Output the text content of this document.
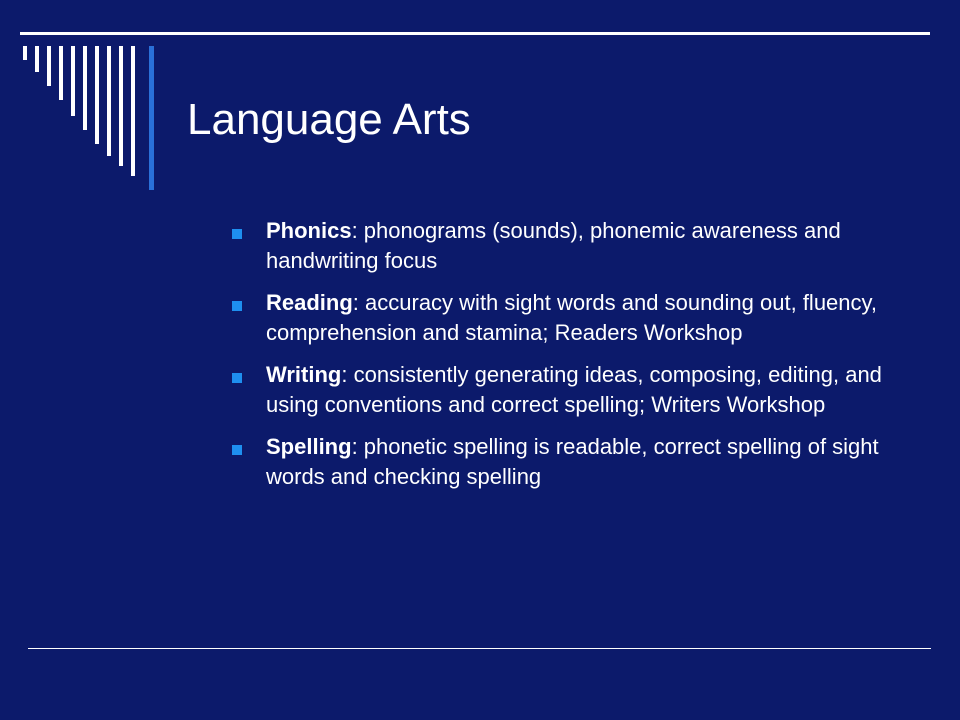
Language Arts
Phonics: phonograms (sounds), phonemic awareness and handwriting focus
Reading: accuracy with sight words and sounding out, fluency, comprehension and stamina; Readers Workshop
Writing: consistently generating ideas, composing, editing, and using conventions and correct spelling; Writers Workshop
Spelling: phonetic spelling is readable, correct spelling of sight words and checking spelling
